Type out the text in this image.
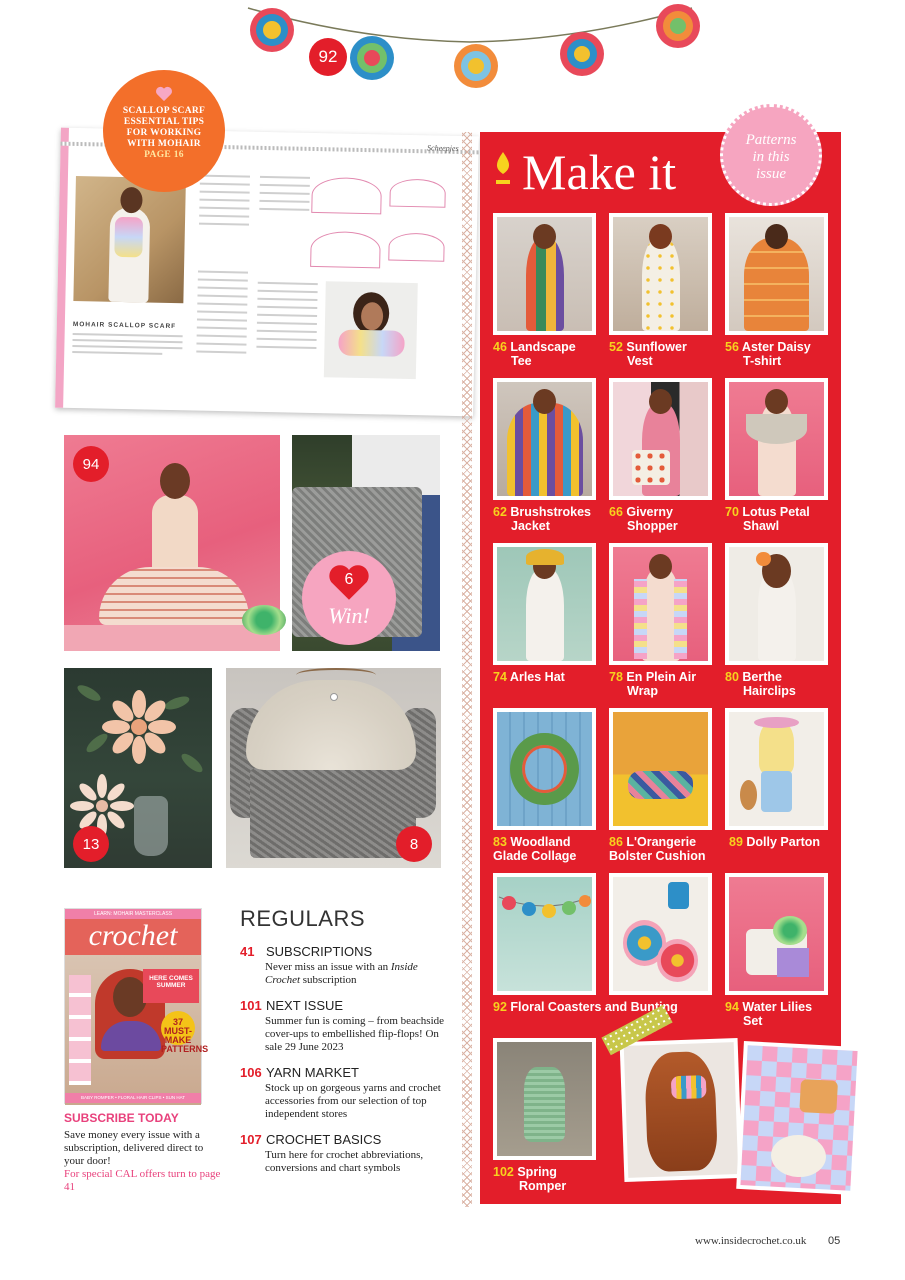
92
SCALLOP SCARF
ESSENTIAL TIPS
FOR WORKING
WITH MOHAIR
PAGE 16
Scheepjes
MOHAIR SCALLOP SCARF
94
6
Win!
13	8
LEARN: MOHAIR MASTERCLASS
crochet
HERE COMES SUMMER
37 MUST-MAKE PATTERNS
BABY ROMPER • FLORAL HAIR CLIPS • SUN HAT
SUBSCRIBE TODAY
Save money every issue with a subscription, delivered direct to your door!
For special CAL offers turn to page 41
REGULARS
41 SUBSCRIPTIONS
Never miss an issue with an Inside Crochet subscription
101 NEXT ISSUE
Summer fun is coming – from beachside cover-ups to embellished flip-flops! On sale 29 June 2023
106 YARN MARKET
Stock up on gorgeous yarns and crochet accessories from our selection of top independent stores
107 CROCHET BASICS
Turn here for crochet abbreviations, conversions and chart symbols
Make it
Patterns
in this
issue
46 Landscape
Tee
52 Sunflower
Vest
56 Aster Daisy
T-shirt
62 Brushstrokes
Jacket
66 Giverny
Shopper
70 Lotus Petal
Shawl
74 Arles Hat	78 En Plein Air
Wrap
80 Berthe
Hairclips
83 Woodland
Glade Collage
86 L'Orangerie
Bolster Cushion
89 Dolly Parton
92 Floral Coasters and Bunting	94 Water Lilies
Set
102 Spring
Romper
www.insidecrochet.co.uk 05
